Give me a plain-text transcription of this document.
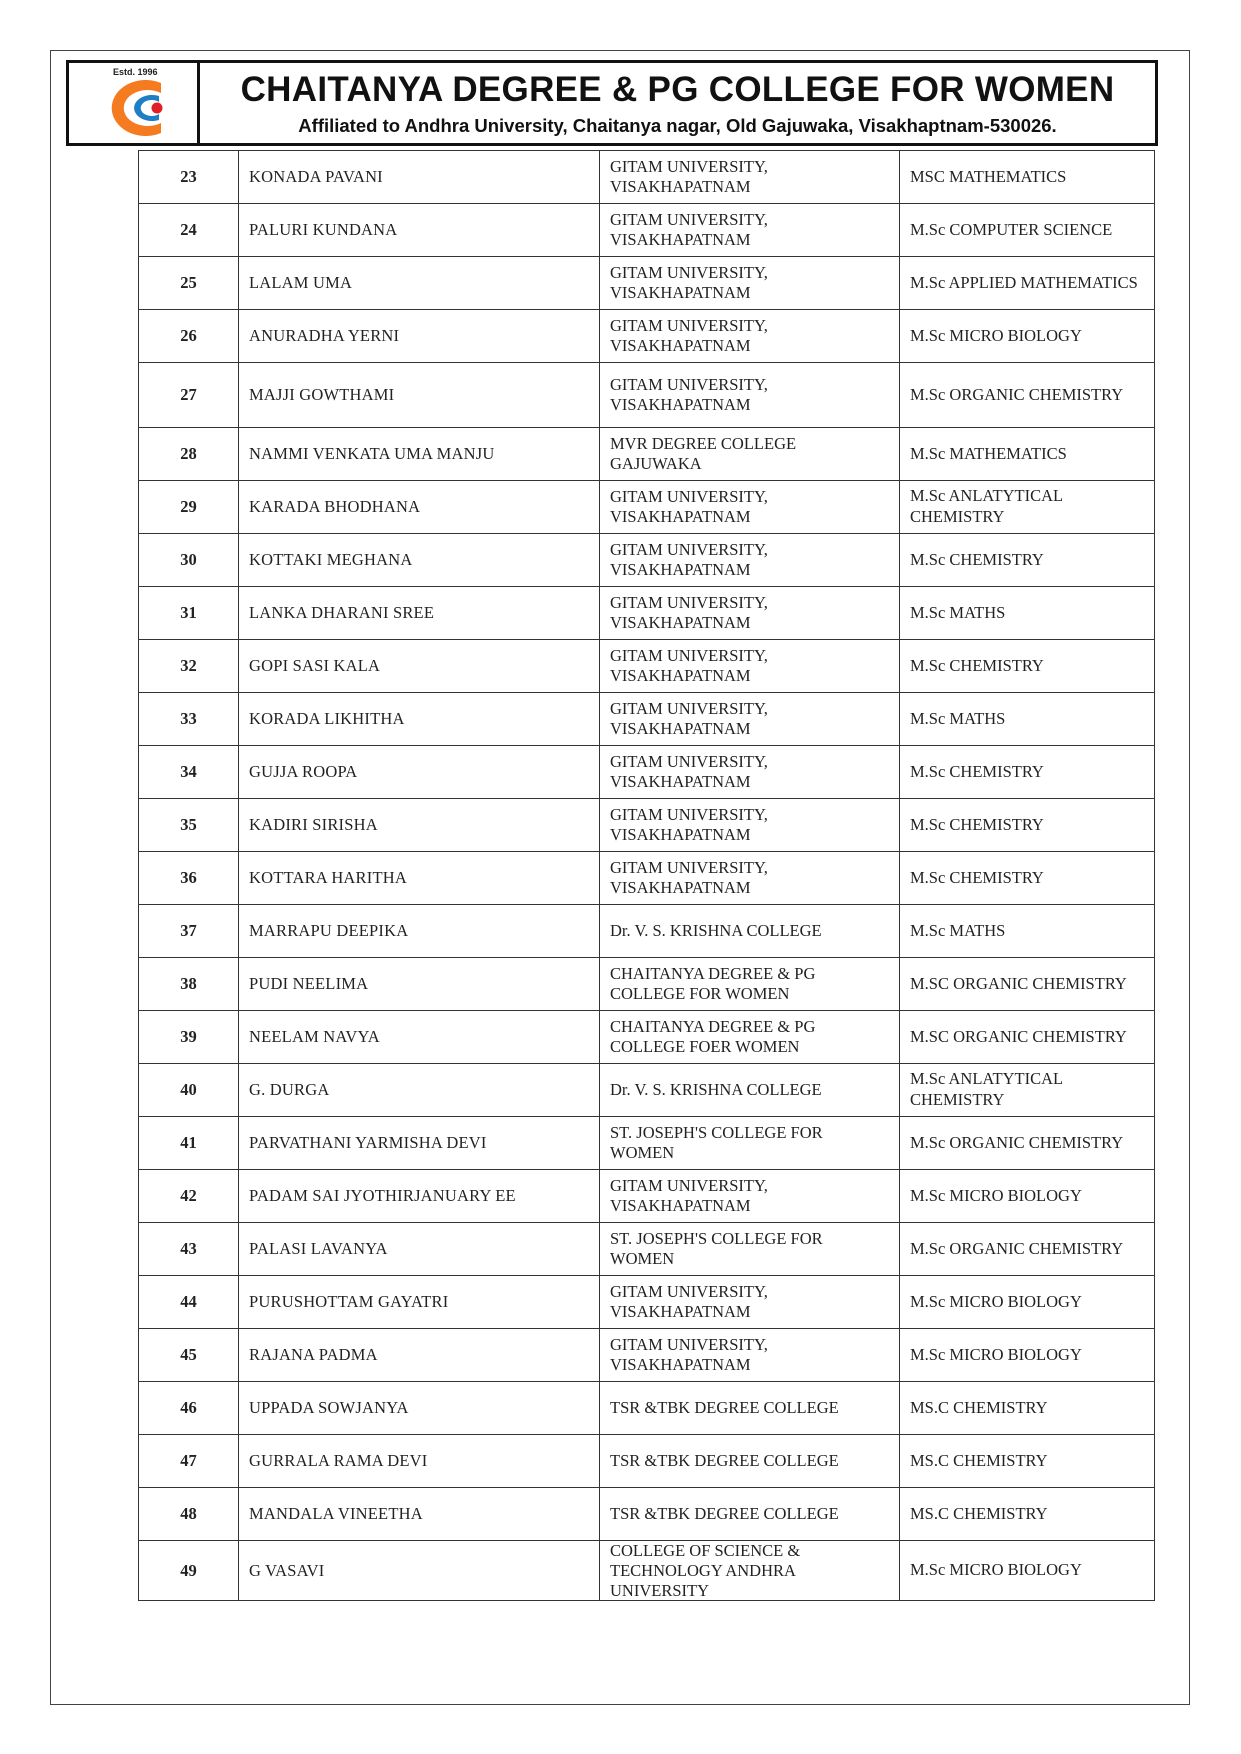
Estd. 1996 CHAITANYA DEGREE & PG COLLEGE FOR WOMEN
Affiliated to Andhra University, Chaitanya nagar, Old Gajuwaka, Visakhaptnam-530026.
23	KONADA PAVANI	GITAM UNIVERSITY, VISAKHAPATNAM	MSC MATHEMATICS
24	PALURI KUNDANA	GITAM UNIVERSITY, VISAKHAPATNAM	M.Sc COMPUTER SCIENCE
25	LALAM UMA	GITAM UNIVERSITY, VISAKHAPATNAM	M.Sc APPLIED MATHEMATICS
26	ANURADHA YERNI	GITAM UNIVERSITY, VISAKHAPATNAM	M.Sc MICRO BIOLOGY
27	MAJJI GOWTHAMI	GITAM UNIVERSITY, VISAKHAPATNAM	M.Sc ORGANIC CHEMISTRY
28	NAMMI VENKATA UMA MANJU	MVR DEGREE COLLEGE GAJUWAKA	M.Sc MATHEMATICS
29	KARADA BHODHANA	GITAM UNIVERSITY, VISAKHAPATNAM	M.Sc ANLATYTICAL CHEMISTRY
30	KOTTAKI MEGHANA	GITAM UNIVERSITY, VISAKHAPATNAM	M.Sc CHEMISTRY
31	LANKA DHARANI SREE	GITAM UNIVERSITY, VISAKHAPATNAM	M.Sc MATHS
32	GOPI SASI KALA	GITAM UNIVERSITY, VISAKHAPATNAM	M.Sc CHEMISTRY
33	KORADA LIKHITHA	GITAM UNIVERSITY, VISAKHAPATNAM	M.Sc MATHS
34	GUJJA ROOPA	GITAM UNIVERSITY, VISAKHAPATNAM	M.Sc CHEMISTRY
35	KADIRI SIRISHA	GITAM UNIVERSITY, VISAKHAPATNAM	M.Sc CHEMISTRY
36	KOTTARA HARITHA	GITAM UNIVERSITY, VISAKHAPATNAM	M.Sc CHEMISTRY
37	MARRAPU DEEPIKA	Dr. V. S. KRISHNA COLLEGE	M.Sc MATHS
38	PUDI NEELIMA	CHAITANYA DEGREE & PG COLLEGE FOR WOMEN	M.SC ORGANIC CHEMISTRY
39	NEELAM NAVYA	CHAITANYA DEGREE & PG COLLEGE FOER WOMEN	M.SC ORGANIC CHEMISTRY
40	G. DURGA	Dr. V. S. KRISHNA COLLEGE	M.Sc ANLATYTICAL CHEMISTRY
41	PARVATHANI YARMISHA DEVI	ST. JOSEPH'S COLLEGE FOR WOMEN	M.Sc ORGANIC CHEMISTRY
42	PADAM SAI JYOTHIRJANUARY EE	GITAM UNIVERSITY, VISAKHAPATNAM	M.Sc MICRO BIOLOGY
43	PALASI LAVANYA	ST. JOSEPH'S COLLEGE FOR WOMEN	M.Sc ORGANIC CHEMISTRY
44	PURUSHOTTAM GAYATRI	GITAM UNIVERSITY, VISAKHAPATNAM	M.Sc MICRO BIOLOGY
45	RAJANA PADMA	GITAM UNIVERSITY, VISAKHAPATNAM	M.Sc MICRO BIOLOGY
46	UPPADA SOWJANYA	TSR &TBK DEGREE COLLEGE	MS.C CHEMISTRY
47	GURRALA RAMA DEVI	TSR &TBK DEGREE COLLEGE	MS.C CHEMISTRY
48	MANDALA VINEETHA	TSR &TBK DEGREE COLLEGE	MS.C CHEMISTRY
49	G VASAVI	COLLEGE OF SCIENCE & TECHNOLOGY ANDHRA UNIVERSITY	M.Sc MICRO BIOLOGY
